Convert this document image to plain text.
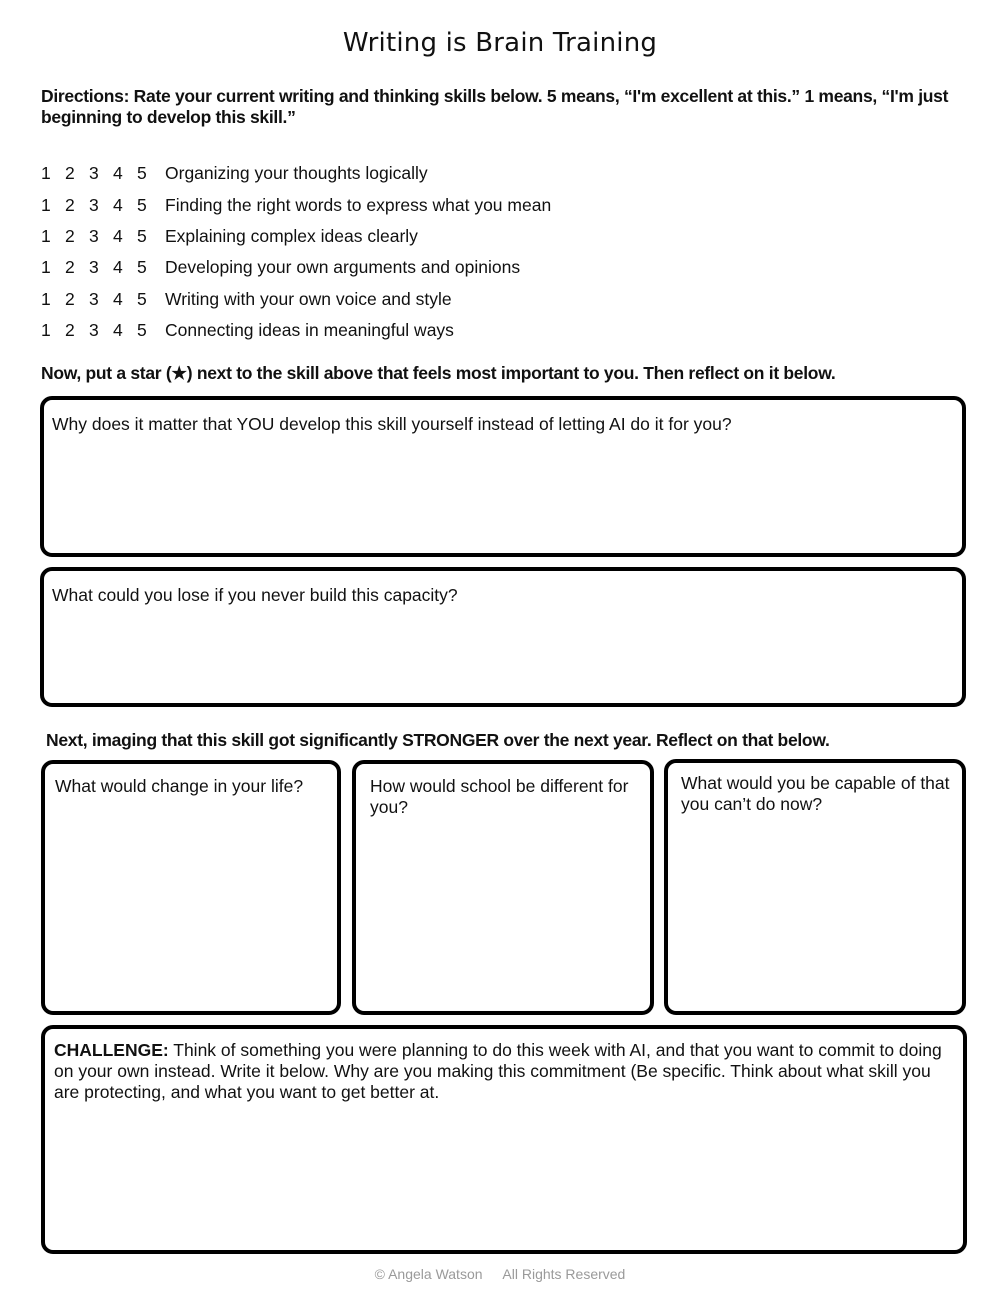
Writing is Brain Training
Directions: Rate your current writing and thinking skills below. 5 means, “I'm excellent at this.” 1 means, “I'm just beginning to develop this skill.”
1 2 3 4 5	Organizing your thoughts logically
1 2 3 4 5	Finding the right words to express what you mean
1 2 3 4 5	Explaining complex ideas clearly
1 2 3 4 5	Developing your own arguments and opinions
1 2 3 4 5	Writing with your own voice and style
1 2 3 4 5	Connecting ideas in meaningful ways
Now, put a star (★) next to the skill above that feels most important to you. Then reflect on it below.
Why does it matter that YOU develop this skill yourself instead of letting AI do it for you?
What could you lose if you never build this capacity?
Next, imaging that this skill got significantly STRONGER over the next year. Reflect on that below.
What would change in your life?	How would school be different for you?
What would you be capable of that you can’t do now?
CHALLENGE: Think of something you were planning to do this week with AI, and that you want to commit to doing on your own instead. Write it below. Why are you making this commitment (Be specific. Think about what skill you are protecting, and what you want to get better at.
© Angela Watson All Rights Reserved
